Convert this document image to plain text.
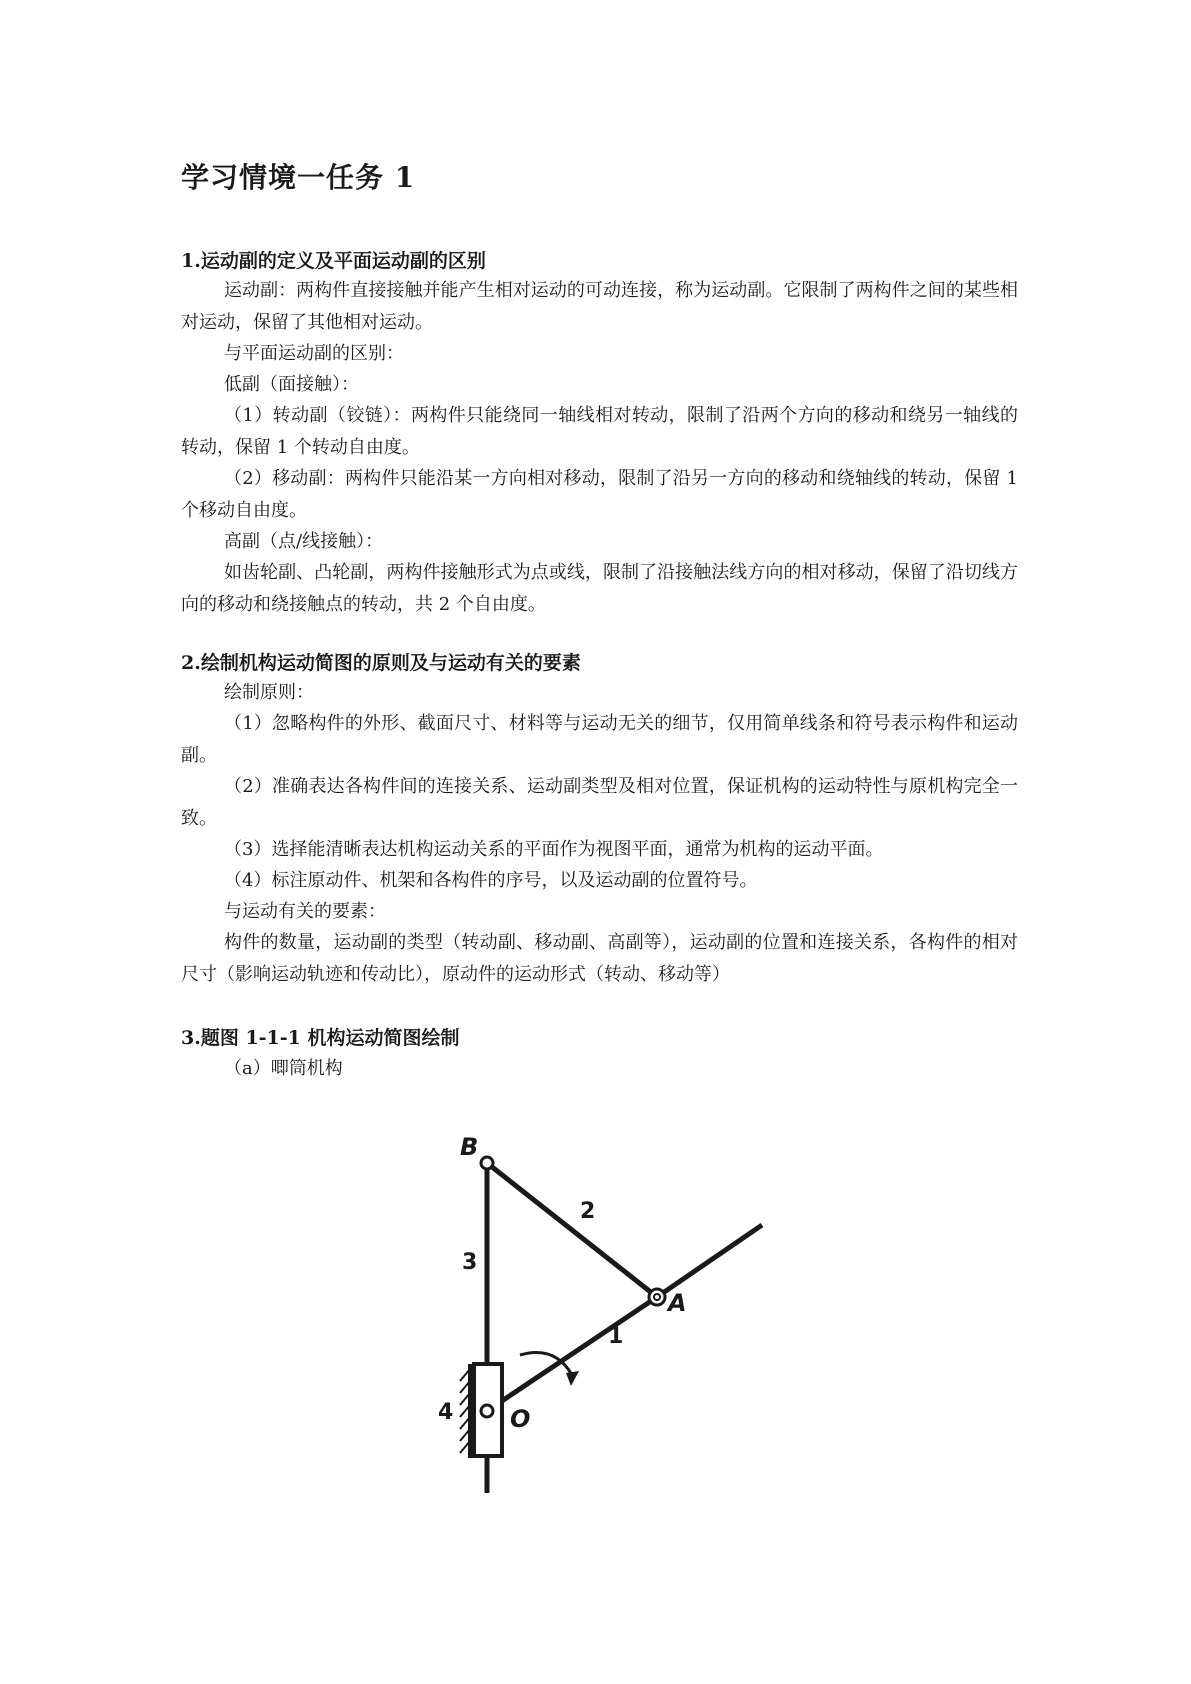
学习情境一任务 1
1.运动副的定义及平面运动副的区别

运动副：两构件直接接触并能产生相对运动的可动连接，称为运动副。它限制了两构件之间的某些相对运动，保留了其他相对运动。

与平面运动副的区别：

低副（面接触）：

（1）转动副（铰链）：两构件只能绕同一轴线相对转动，限制了沿两个方向的移动和绕另一轴线的转动，保留 1 个转动自由度。

（2）移动副：两构件只能沿某一方向相对移动，限制了沿另一方向的移动和绕轴线的转动，保留 1 个移动自由度。

高副（点/线接触）：

如齿轮副、凸轮副，两构件接触形式为点或线，限制了沿接触法线方向的相对移动，保留了沿切线方向的移动和绕接触点的转动，共 2 个自由度。

2.绘制机构运动简图的原则及与运动有关的要素

绘制原则：

（1）忽略构件的外形、截面尺寸、材料等与运动无关的细节，仅用简单线条和符号表示构件和运动副。

（2）准确表达各构件间的连接关系、运动副类型及相对位置，保证机构的运动特性与原机构完全一致。

（3）选择能清晰表达机构运动关系的平面作为视图平面，通常为机构的运动平面。

（4）标注原动件、机架和各构件的序号，以及运动副的位置符号。

与运动有关的要素：

构件的数量，运动副的类型（转动副、移动副、高副等），运动副的位置和连接关系，各构件的相对尺寸（影响运动轨迹和传动比），原动件的运动形式（转动、移动等）

3.题图 1-1-1 机构运动简图绘制

（a）唧筒机构

B
A
O
1
2
3
4
